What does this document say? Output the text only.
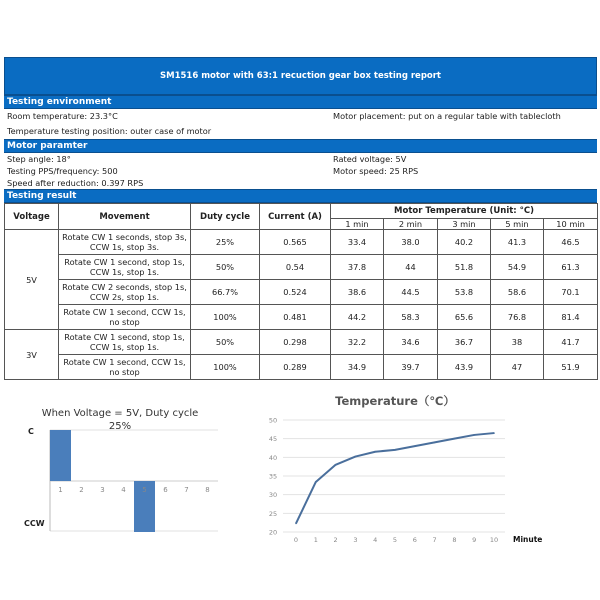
SM1516 motor with 63:1 recuction gear box testing report
Testing environment
Room temperature: 23.3°C	Motor placement: put on a regular table with tablecloth
Temperature testing position: outer case of motor
Motor paramter
Step angle: 18°	Rated voltage: 5V
Testing PPS/frequency: 500	Motor speed: 25 RPS
Speed after reduction: 0.397 RPS
Testing result
Voltage	Movement	Duty cycle	Current (A)	Motor Temperature (Unit: °C)				
				1 min	2 min	3 min	5 min	10 min
5V	Rotate CW 1 seconds, stop 3s, CCW 1s, stop 3s.	25%	0.565	33.4	38.0	40.2	41.3	46.5
	Rotate CW 1 second, stop 1s, CCW 1s, stop 1s.	50%	0.54	37.8	44	51.8	54.9	61.3
	Rotate CW 2 seconds, stop 1s, CCW 2s, stop 1s.	66.7%	0.524	38.6	44.5	53.8	58.6	70.1
	Rotate CW 1 second, CCW 1s, no stop	100%	0.481	44.2	58.3	65.6	76.8	81.4
3V	Rotate CW 1 second, stop 1s, CCW 1s, stop 1s.	50%	0.298	32.2	34.6	36.7	38	41.7
	Rotate CW 1 second, CCW 1s, no stop	100%	0.289	34.9	39.7	43.9	47	51.9
When Voltage = 5V, Duty cycle
25%
C
CCW
1 2 3 4 5 6 7 8
Temperature（℃）
Minute
20
25
30
35
40
45
50
0 1 2 3 4 5 6 7 8 9 10
